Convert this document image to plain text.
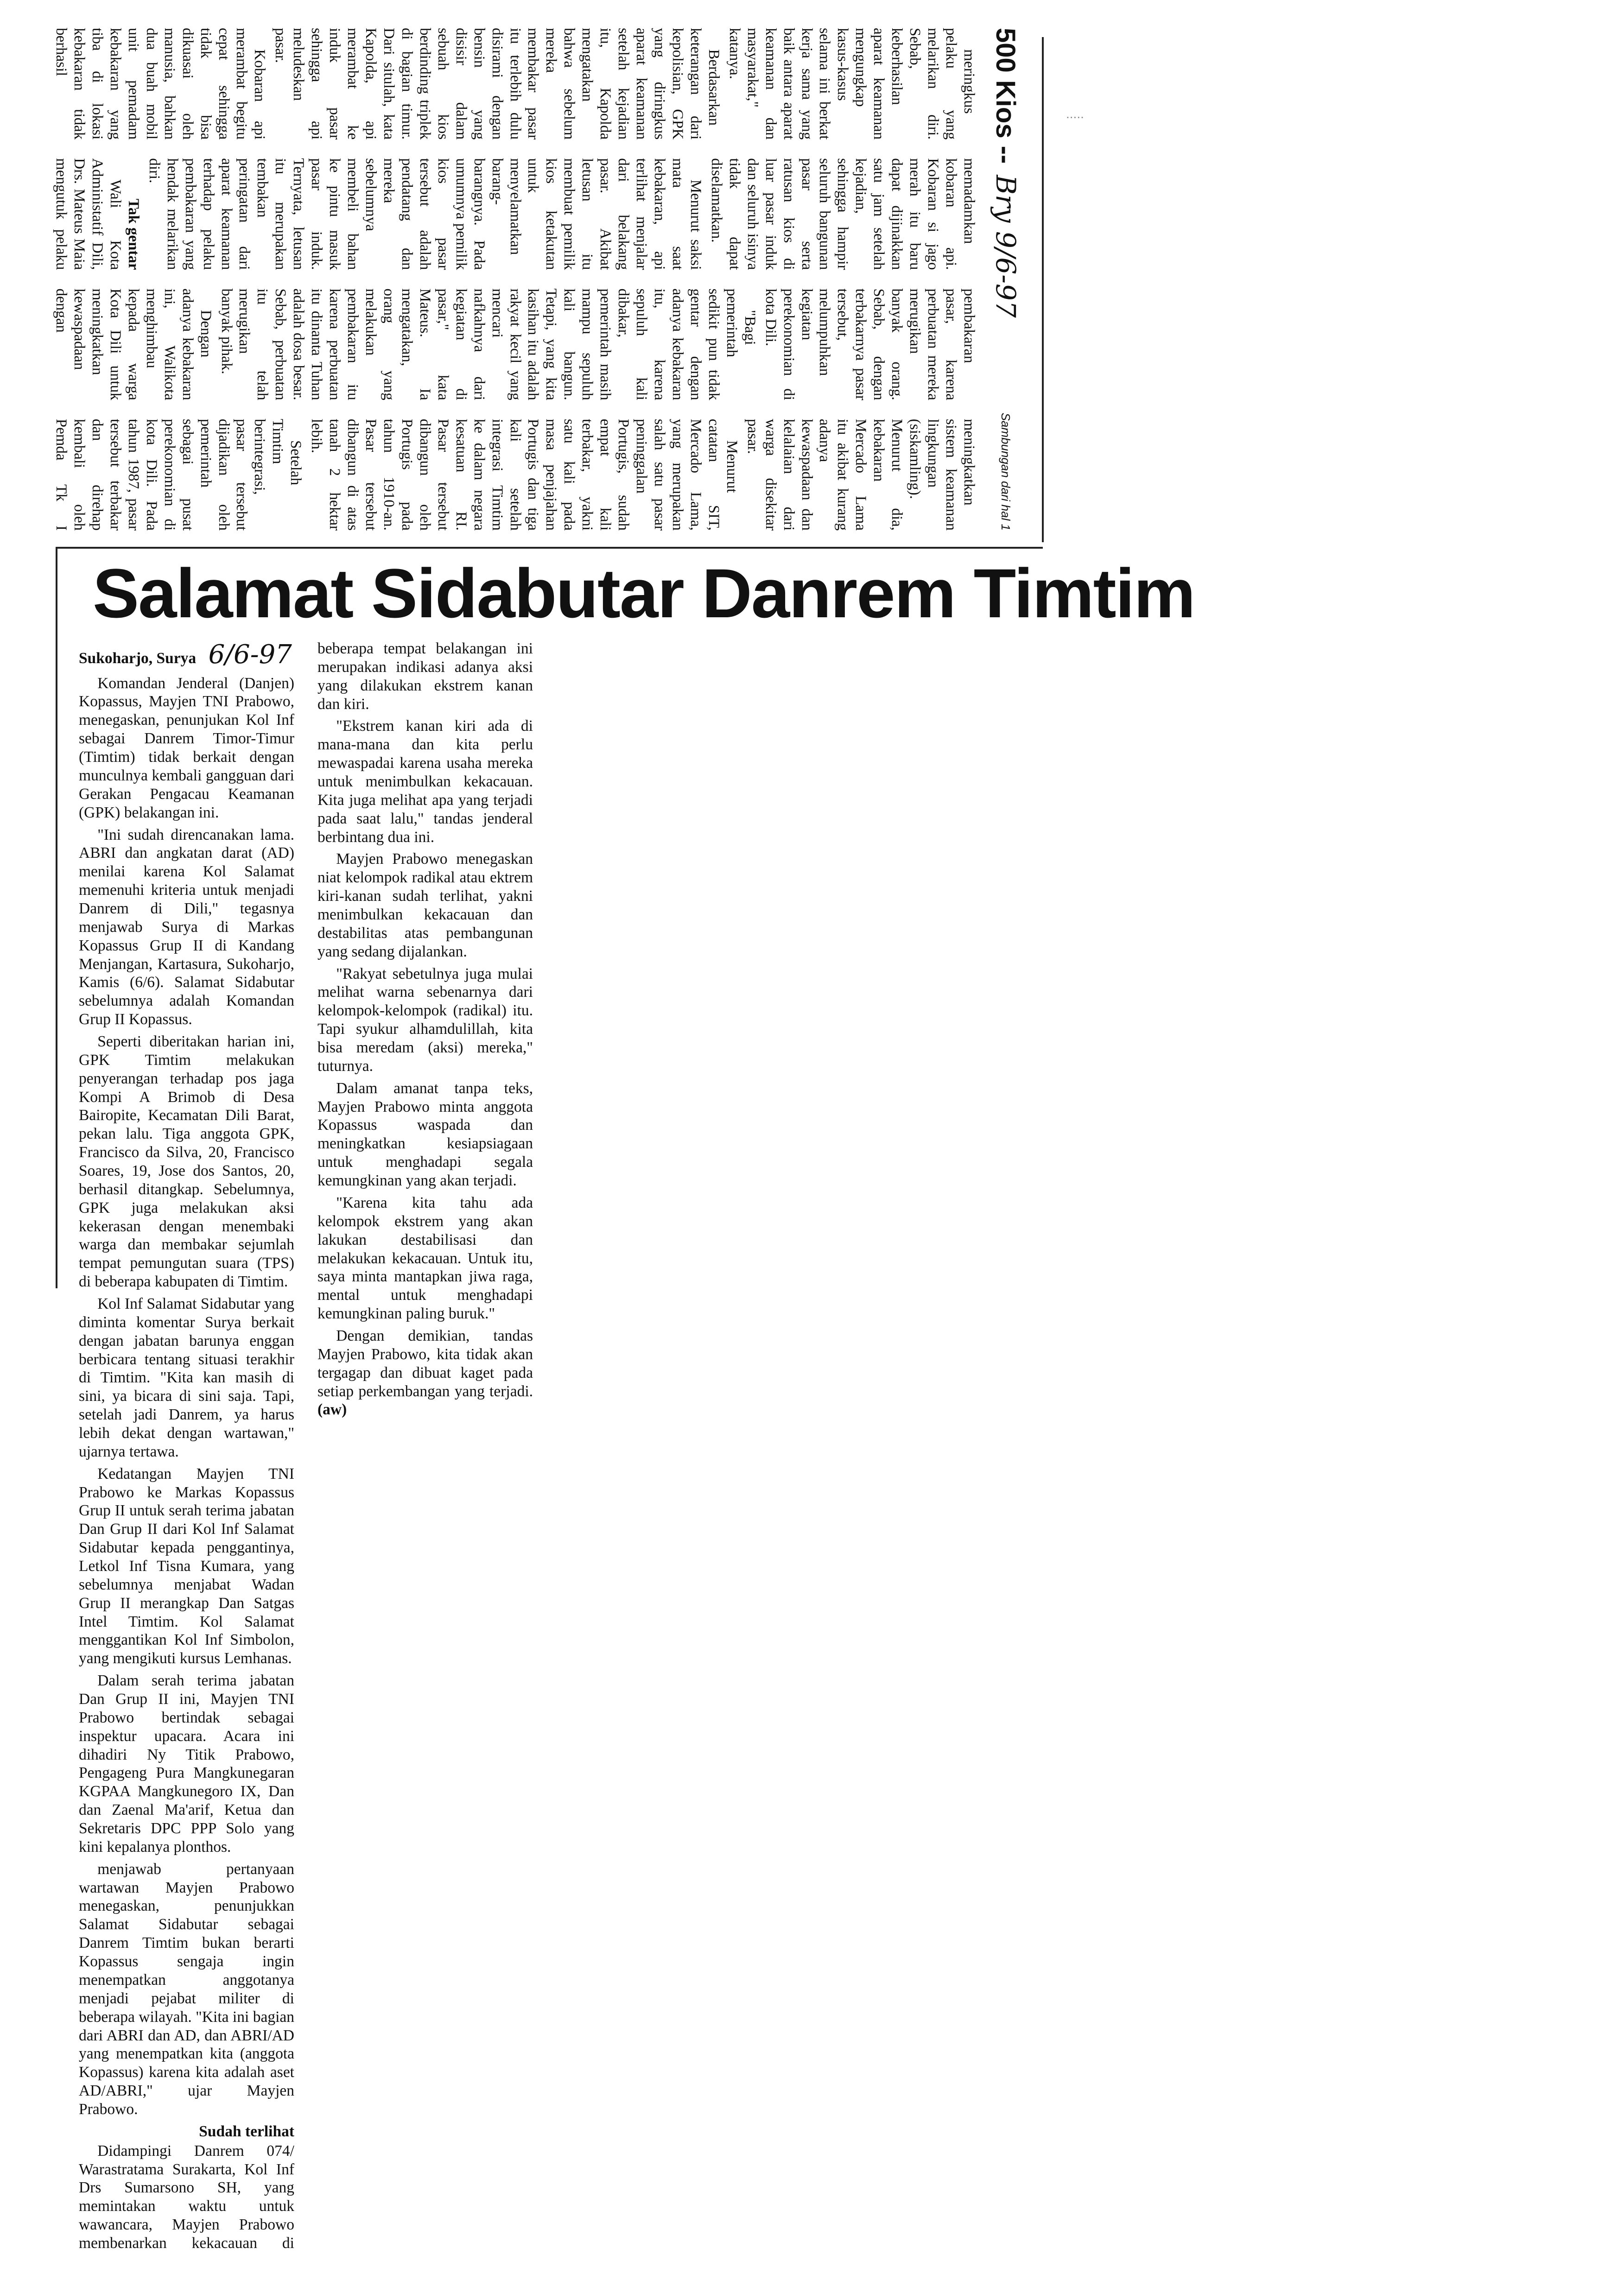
.....
500 Kios -- Bry 9/6-97
Sambungan dari hal 1

meringkus pelaku yang melarikan diri. Sebab, keberhasilan aparat keamanan mengungkap kasus-kasus selama ini berkat kerja sama yang baik antara aparat keamanan dan masyarakat," katanya.

Berdasarkan keterangan dari kepolisian, GPK yang diringkus aparat keamanan setelah kejadian itu, Kapolda mengatakan bahwa sebelum mereka membakar pasar itu terlebih dulu disirami dengan bensin yang disisir dalam sebuah kios berdinding triplek di bagian timur. Dari situlah, kata Kapolda, api merambat ke induk pasar sehingga api meludeskan pasar.

Kobaran api merambat begitu cepat sehingga tidak bisa dikuasai oleh manusia, bahkan dua buah mobil unit pemadam kebakaran yang tiba di lokasi kebakaran tidak berhasil memadamkan kobaran api. Kobaran si jago merah itu baru dapat dijinakkan satu jam setelah kejadian, sehingga hampir seluruh bangunan pasar serta ratusan kios di luar pasar induk dan seluruh isinya tidak dapat diselamatkan.

Menurut saksi mata saat kebakaran, api terlihat menjalar dari belakang pasar. Akibat letusan itu membuat pemilik kios ketakutan untuk menyelamatkan barang-barangnya. Pada umumnya pemilik kios pasar tersebut adalah pendatang dan mereka sebelumnya membeli bahan ke pintu masuk pasar induk. Ternyata, letusan itu merupakan tembakan peringatan dari aparat keamanan terhadap pelaku pembakaran yang hendak melarikan diri.

Tak gentar

Wali Kota Administatif Dili, Drs. Mateus Maia mengutuk pelaku pembakaran pasar, karena perbuatan mereka merugikan banyak orang. Sebab, dengan terbakarnya pasar tersebut, melumpuhkan kegiatan perekonomian di kota Dili.

"Bagi pemerintah sedikit pun tidak gentar dengan adanya kebakaran itu, karena sepuluh kali dibakar, pemerintah masih mampu sepuluh kali bangun. Tetapi, yang kita kasihan itu adalah rakyat kecil yang mencari nafkahnya dari kegiatan di pasar," kata Mateus. Ia mengatakan, orang yang melakukan pembakaran itu karena perbuatan itu dinanta Tuhan adalah dosa besar. Sebab, perbuatan itu telah merugikan banyak pihak.

Dengan adanya kebakaran ini, Walikota menghimbau kepada warga Kota Dili untuk meningkatkan kewaspadaan dengan meningkatkan sistem keamanan lingkungan (siskamling). Menurut dia, kebakaran Mercado Lama itu akibat kurang adanya kewaspadaan dan kelalaian dari warga disekitar pasar.

Menurut catatan SIT, Mercado Lama, yang merupakan salah satu pasar peninggalan Portugis, sudah empat kali terbakar, yakni satu kali pada masa penjajahan Portugis dan tiga kali setelah integrasi Timtim ke dalam negara kesatuan RI. Pasar tersebut dibangun oleh Portugis pada tahun 1910-an. Pasar tersebut dibangun di atas tanah 2 hektar lebih.

Setelah Timtim berintegrasi, pasar tersebut dijadikan oleh pemerintah sebagai pusat perekonomian di kota Dili. Pada tahun 1987, pasar tersebut terbakar dan direhap kembali oleh Pemda Tk I

Salamat Sidabutar Danrem Timtim

Sukoharjo, Surya 6/6-97

Komandan Jenderal (Danjen) Kopassus, Mayjen TNI Prabowo, menegaskan, penunjukan Kol Inf sebagai Danrem Timor-Timur (Timtim) tidak berkait dengan munculnya kembali gangguan dari Gerakan Pengacau Keamanan (GPK) belakangan ini.

"Ini sudah direncanakan lama. ABRI dan angkatan darat (AD) menilai karena Kol Salamat memenuhi kriteria untuk menjadi Danrem di Dili," tegasnya menjawab Surya di Markas Kopassus Grup II di Kandang Menjangan, Kartasura, Sukoharjo, Kamis (6/6). Salamat Sidabutar sebelumnya adalah Komandan Grup II Kopassus.

Seperti diberitakan harian ini, GPK Timtim melakukan penyerangan terhadap pos jaga Kompi A Brimob di Desa Bairopite, Kecamatan Dili Barat, pekan lalu. Tiga anggota GPK, Francisco da Silva, 20, Francisco Soares, 19, Jose dos Santos, 20, berhasil ditangkap. Sebelumnya, GPK juga melakukan aksi kekerasan dengan menembaki warga dan membakar sejumlah tempat pemungutan suara (TPS) di beberapa kabupaten di Timtim.

Kol Inf Salamat Sidabutar yang diminta komentar Surya berkait dengan jabatan barunya enggan berbicara tentang situasi terakhir di Timtim. "Kita kan masih di sini, ya bicara di sini saja. Tapi, setelah jadi Danrem, ya harus lebih dekat dengan wartawan," ujarnya tertawa.

Kedatangan Mayjen TNI Prabowo ke Markas Kopassus Grup II untuk serah terima jabatan Dan Grup II dari Kol Inf Salamat Sidabutar kepada penggantinya, Letkol Inf Tisna Kumara, yang sebelumnya menjabat Wadan Grup II merangkap Dan Satgas Intel Timtim. Kol Salamat menggantikan Kol Inf Simbolon, yang mengikuti kursus Lemhanas.

Dalam serah terima jabatan Dan Grup II ini, Mayjen TNI Prabowo bertindak sebagai inspektur upacara. Acara ini dihadiri Ny Titik Prabowo, Pengageng Pura Mangkunegaran KGPAA Mangkunegoro IX, Dan dan Zaenal Ma'arif, Ketua dan Sekretaris DPC PPP Solo yang kini kepalanya plonthos.

menjawab pertanyaan wartawan Mayjen Prabowo menegaskan, penunjukkan Salamat Sidabutar sebagai Danrem Timtim bukan berarti Kopassus sengaja ingin menempatkan anggotanya menjadi pejabat militer di beberapa wilayah. "Kita ini bagian dari ABRI dan AD, dan ABRI/AD yang menempatkan kita (anggota Kopassus) karena kita adalah aset AD/ABRI," ujar Mayjen Prabowo.

Sudah terlihat

Didampingi Danrem 074/ Warastratama Surakarta, Kol Inf Drs Sumarsono SH, yang memintakan waktu untuk wawancara, Mayjen Prabowo membenarkan kekacauan di beberapa tempat belakangan ini merupakan indikasi adanya aksi yang dilakukan ekstrem kanan dan kiri.

"Ekstrem kanan kiri ada di mana-mana dan kita perlu mewaspadai karena usaha mereka untuk menimbulkan kekacauan. Kita juga melihat apa yang terjadi pada saat lalu," tandas jenderal berbintang dua ini.

Mayjen Prabowo menegaskan niat kelompok radikal atau ektrem kiri-kanan sudah terlihat, yakni menimbulkan kekacauan dan destabilitas atas pembangunan yang sedang dijalankan.

"Rakyat sebetulnya juga mulai melihat warna sebenarnya dari kelompok-kelompok (radikal) itu. Tapi syukur alhamdulillah, kita bisa meredam (aksi) mereka," tuturnya.

Dalam amanat tanpa teks, Mayjen Prabowo minta anggota Kopassus waspada dan meningkatkan kesiapsiagaan untuk menghadapi segala kemungkinan yang akan terjadi.

"Karena kita tahu ada kelompok ekstrem yang akan lakukan destabilisasi dan melakukan kekacauan. Untuk itu, saya minta mantapkan jiwa raga, mental untuk menghadapi kemungkinan paling buruk."

Dengan demikian, tandas Mayjen Prabowo, kita tidak akan tergagap dan dibuat kaget pada setiap perkembangan yang terjadi. (aw)
